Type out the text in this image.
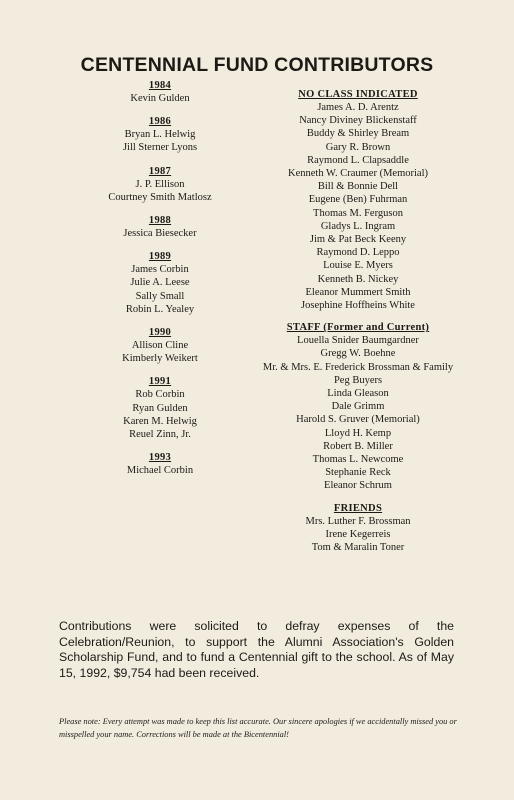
CENTENNIAL FUND CONTRIBUTORS
1984
Kevin Gulden
1986
Bryan L. Helwig
Jill Sterner Lyons
1987
J. P. Ellison
Courtney Smith Matlosz
1988
Jessica Biesecker
1989
James Corbin
Julie A. Leese
Sally Small
Robin L. Yealey
1990
Allison Cline
Kimberly Weikert
1991
Rob Corbin
Ryan Gulden
Karen M. Helwig
Reuel Zinn, Jr.
1993
Michael Corbin
NO CLASS INDICATED
James A. D. Arentz
Nancy Diviney Blickenstaff
Buddy & Shirley Bream
Gary R. Brown
Raymond L. Clapsaddle
Kenneth W. Craumer (Memorial)
Bill & Bonnie Dell
Eugene (Ben) Fuhrman
Thomas M. Ferguson
Gladys L. Ingram
Jim & Pat Beck Keeny
Raymond D. Leppo
Louise E. Myers
Kenneth B. Nickey
Eleanor Mummert Smith
Josephine Hoffheins White
STAFF (Former and Current)
Louella Snider Baumgardner
Gregg W. Boehne
Mr. & Mrs. E. Frederick Brossman & Family
Peg Buyers
Linda Gleason
Dale Grimm
Harold S. Gruver (Memorial)
Lloyd H. Kemp
Robert B. Miller
Thomas L. Newcome
Stephanie Reck
Eleanor Schrum
FRIENDS
Mrs. Luther F. Brossman
Irene Kegerreis
Tom & Maralin Toner

Contributions were solicited to defray expenses of the Celebration/Reunion, to support the Alumni Association's Golden Scholarship Fund, and to fund a Centennial gift to the school. As of May 15, 1992, $9,754 had been received.

Please note: Every attempt was made to keep this list accurate. Our sincere apologies if we accidentally missed you or misspelled your name. Corrections will be made at the Bicentennial!
